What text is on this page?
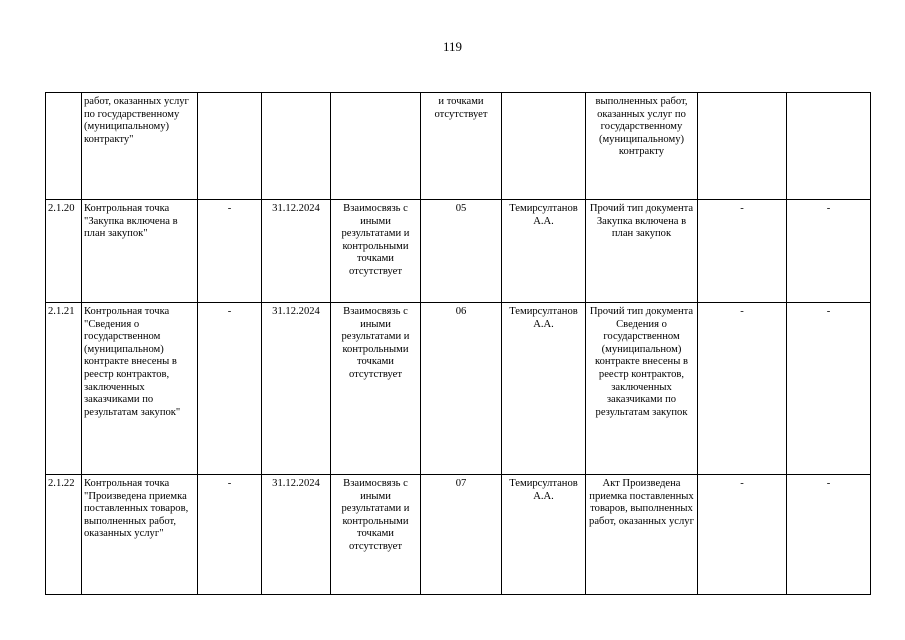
119
	работ, оказанных услуг по государственному (муниципальному) контракту"				и точками отсутствует		выполненных работ, оказанных услуг по государственному (муниципальному) контракту		
2.1.20	Контрольная точка "Закупка включена в план закупок"	-	31.12.2024	Взаимосвязь с иными результатами и контрольными точками отсутствует	05	Темирсултанов А.А.	Прочий тип документа Закупка включена в план закупок	-	-
2.1.21	Контрольная точка "Сведения о государственном (муниципальном) контракте внесены в реестр контрактов, заключенных заказчиками по результатам закупок"	-	31.12.2024	Взаимосвязь с иными результатами и контрольными точками отсутствует	06	Темирсултанов А.А.	Прочий тип документа Сведения о государственном (муниципальном) контракте внесены в реестр контрактов, заключенных заказчиками по результатам закупок	-	-
2.1.22	Контрольная точка "Произведена приемка поставленных товаров, выполненных работ, оказанных услуг"	-	31.12.2024	Взаимосвязь с иными результатами и контрольными точками отсутствует	07	Темирсултанов А.А.	Акт Произведена приемка поставленных товаров, выполненных работ, оказанных услуг	-	-
